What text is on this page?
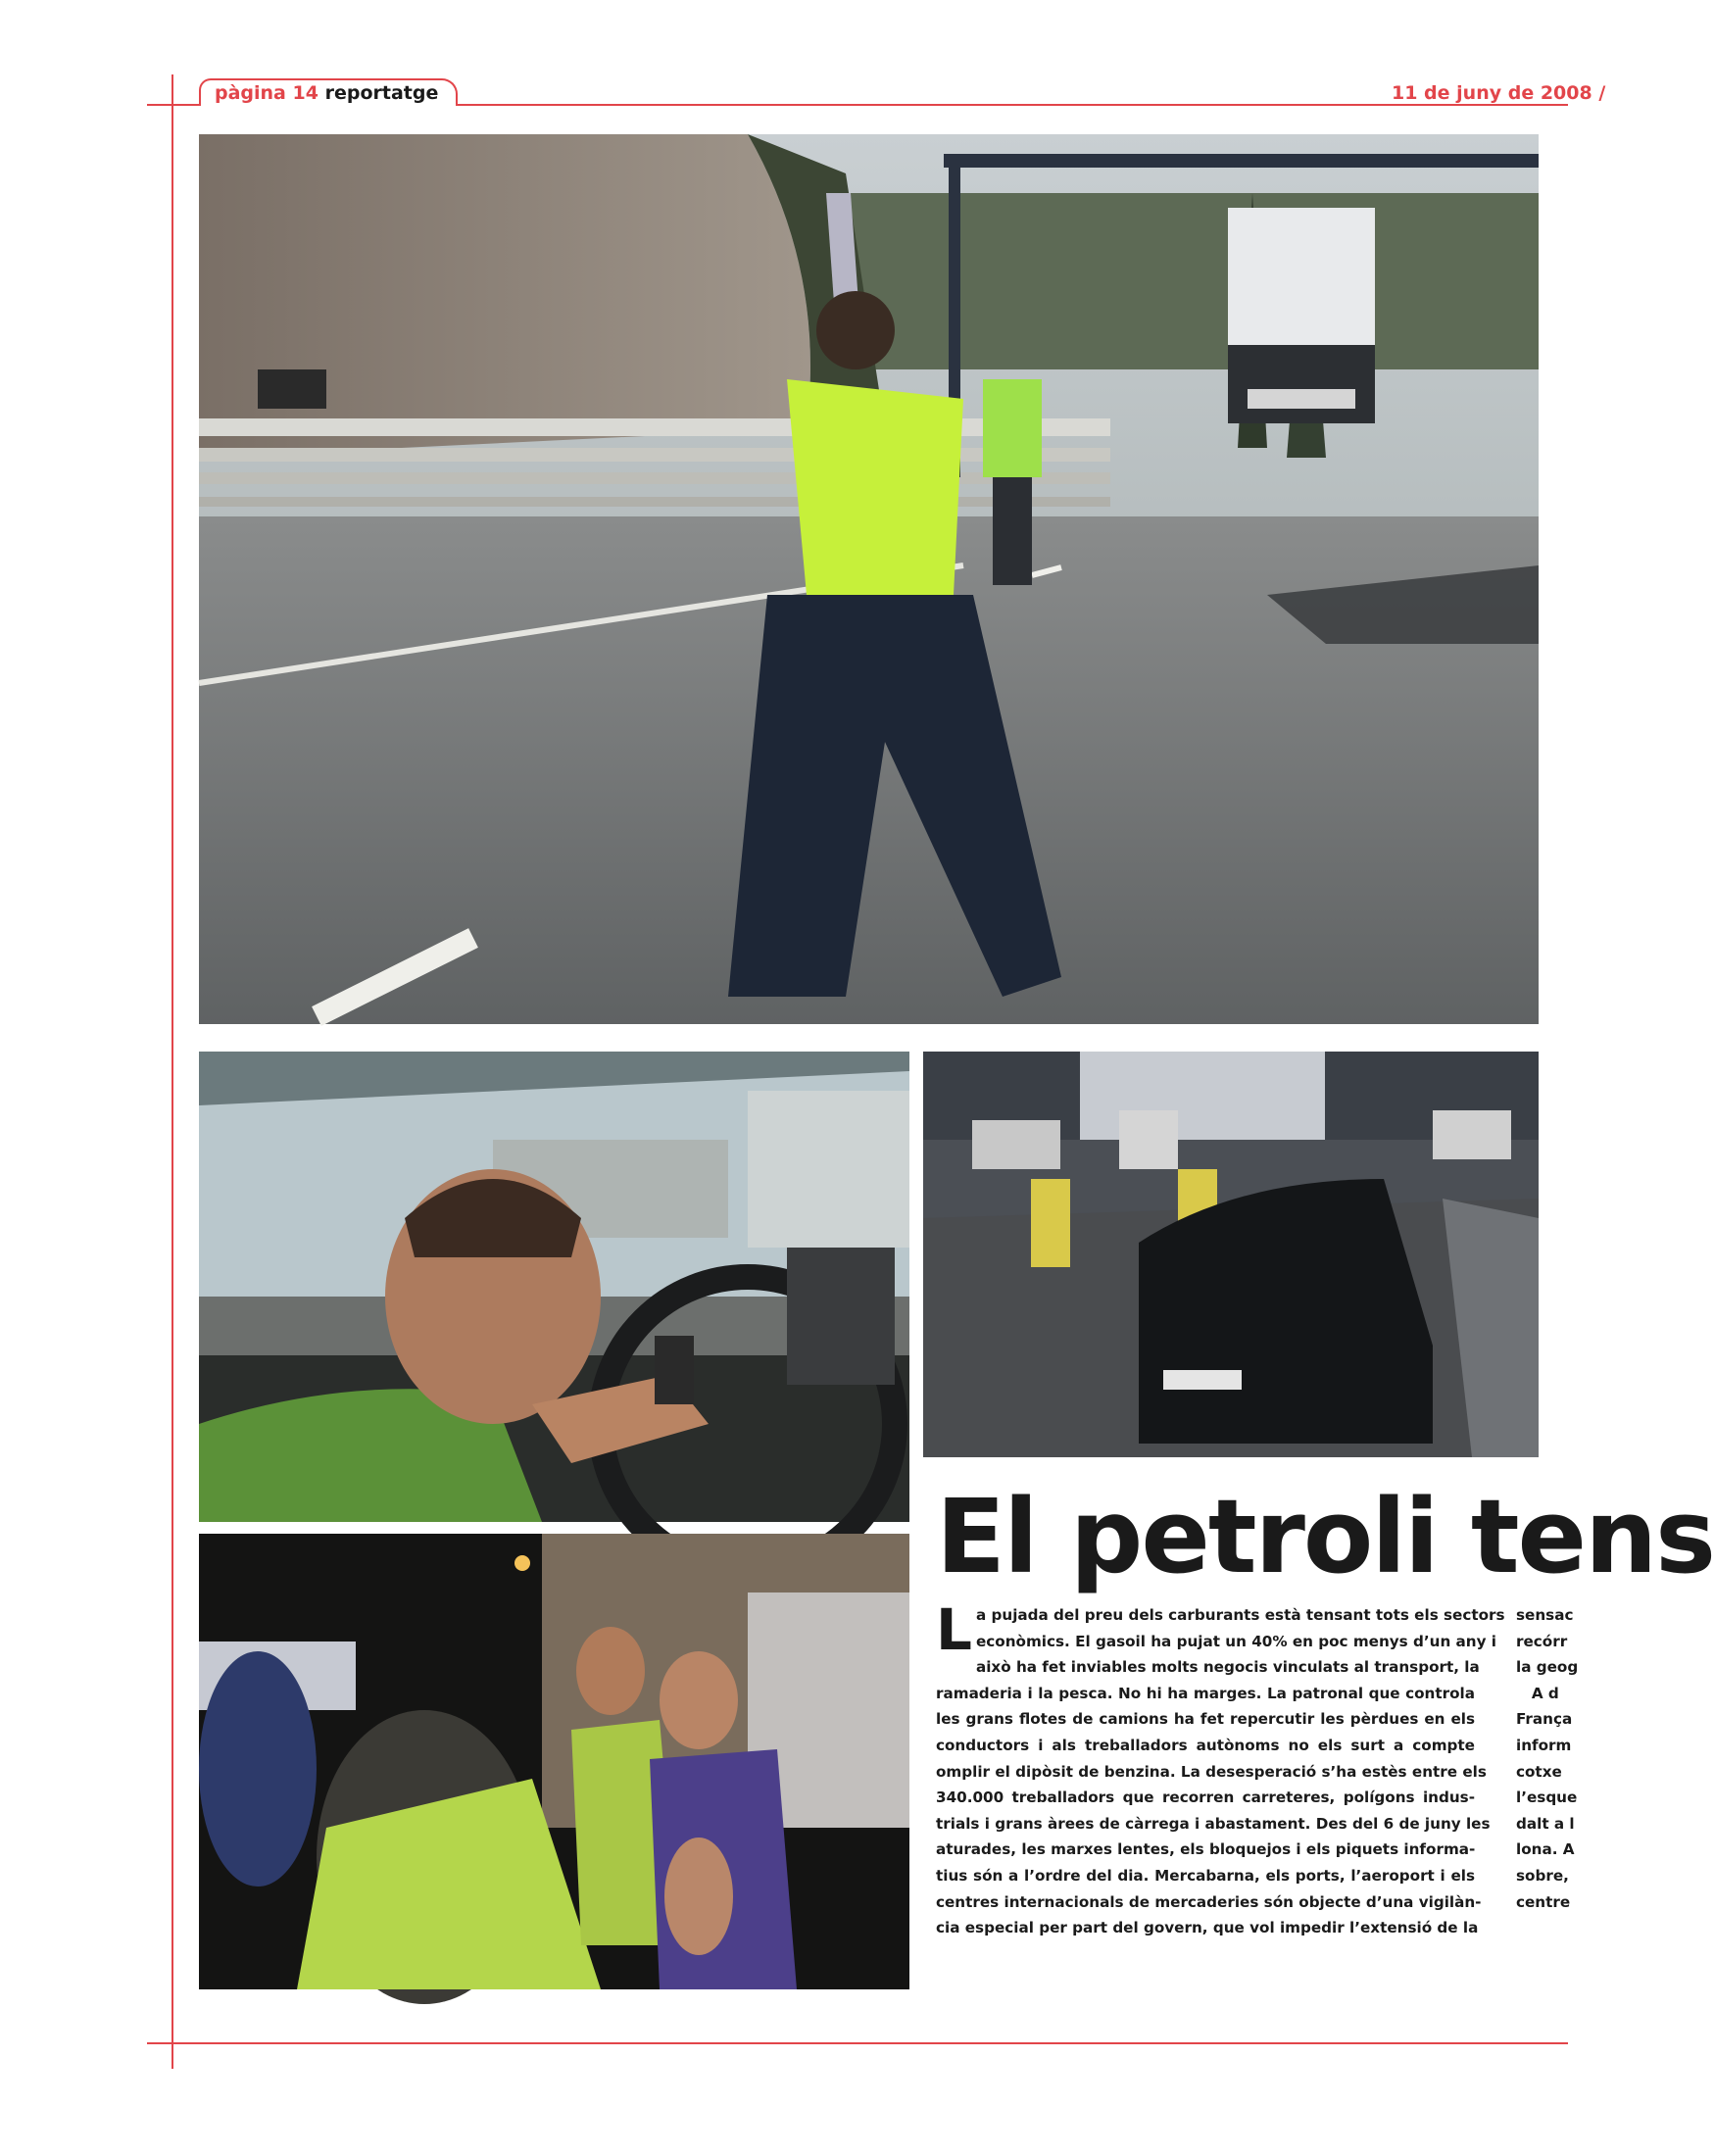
pàgina 14 reportatge	11 de juny de 2008 /
El petroli tens
L a pujada del preu dels carburants està tensant tots els sectors
econòmics. El gasoil ha pujat un 40% en poc menys d’un any i
això ha fet inviables molts negocis vinculats al transport, la
ramaderia i la pesca. No hi ha marges. La patronal que controla
les grans flotes de camions ha fet repercutir les pèrdues en els
conductors i als treballadors autònoms no els surt a compte
omplir el dipòsit de benzina. La desesperació s’ha estès entre els
340.000 treballadors que recorren carreteres, polígons indus-
trials i grans àrees de càrrega i abastament. Des del 6 de juny les
aturades, les marxes lentes, els bloquejos i els piquets informa-
tius són a l’ordre del dia. Mercabarna, els ports, l’aeroport i els
centres internacionals de mercaderies són objecte d’una vigilàn-
cia especial per part del govern, que vol impedir l’extensió de la
sensac
recórr
la geog
A d
França
inform
cotxe
l’esque
dalt a l
lona. A
sobre,
centre
